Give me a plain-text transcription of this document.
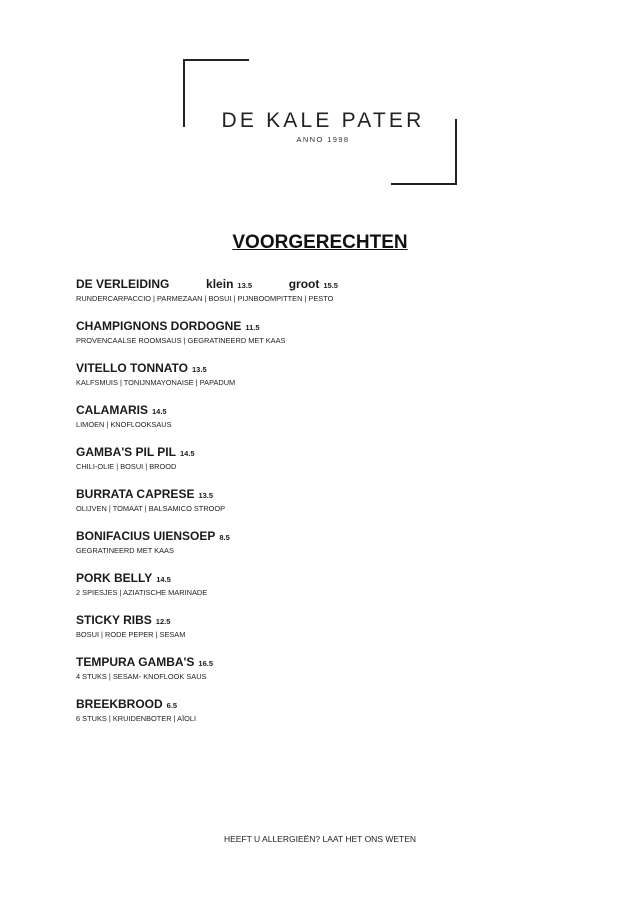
DE KALE PATER
ANNO 1998
VOORGERECHTEN
DE VERLEIDING	klein 13.5	groot 15.5
RUNDERCARPACCIO | PARMEZAAN | BOSUI | PIJNBOOMPITTEN | PESTO
CHAMPIGNONS DORDOGNE 11.5
PROVENCAALSE ROOMSAUS | GEGRATINEERD MET KAAS
VITELLO TONNATO 13.5
KALFSMUIS | TONIJNMAYONAISE | PAPADUM
CALAMARIS 14.5
LIMOEN | KNOFLOOKSAUS
GAMBA'S PIL PIL 14.5
CHILI-OLIE | BOSUI | BROOD
BURRATA CAPRESE 13.5
OLIJVEN | TOMAAT | BALSAMICO STROOP
BONIFACIUS UIENSOEP 8.5
GEGRATINEERD MET KAAS
PORK BELLY 14.5
2 SPIESJES | AZIATISCHE MARINADE
STICKY RIBS 12.5
BOSUI | RODE PEPER | SESAM
TEMPURA GAMBA'S 16.5
4 STUKS | SESAM- KNOFLOOK SAUS
BREEKBROOD 6.5
6 STUKS | KRUIDENBOTER | AÏOLI
HEEFT U ALLERGIEËN? LAAT HET ONS WETEN
